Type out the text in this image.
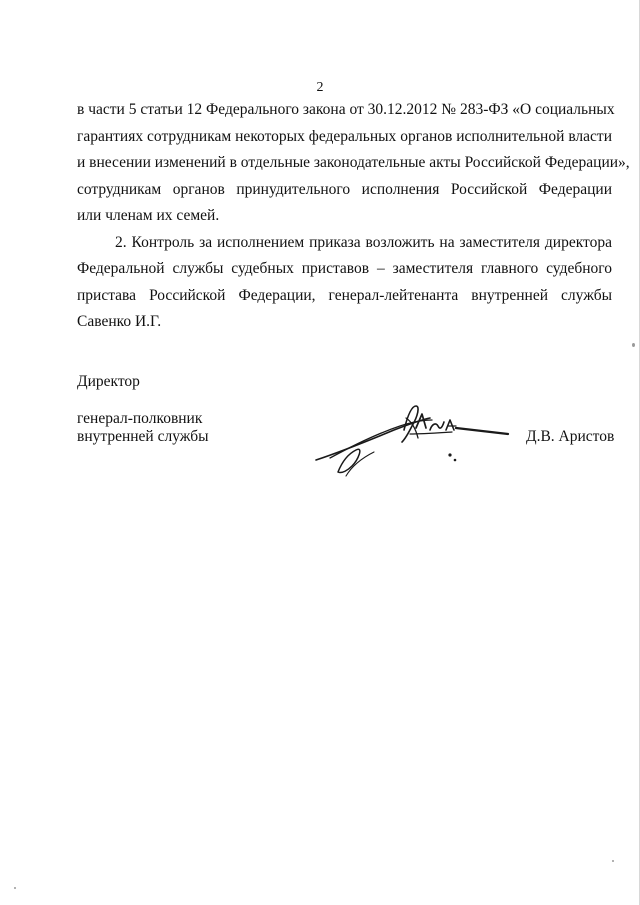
2

в части 5 статьи 12 Федерального закона от 30.12.2012 № 283-ФЗ «О социальных
гарантиях сотрудникам некоторых федеральных органов исполнительной власти
и внесении изменений в отдельные законодательные акты Российской Федерации»,
сотрудникам органов принудительного исполнения Российской Федерации
или членам их семей.

2. Контроль за исполнением приказа возложить на заместителя директора
Федеральной службы судебных приставов – заместителя главного судебного
пристава Российской Федерации, генерал-лейтенанта внутренней службы
Савенко И.Г.

Директор
генерал-полковник
внутренней службы	Д.В. Аристов
